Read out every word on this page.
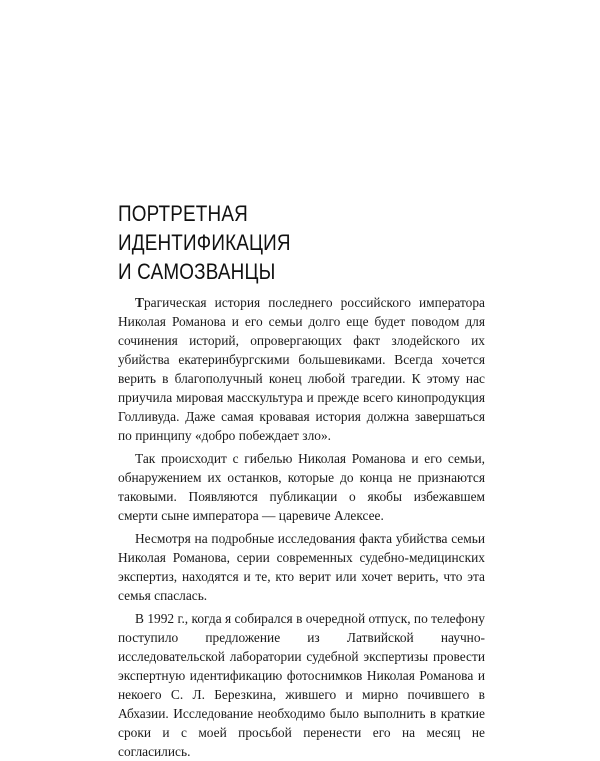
ПОРТРЕТНАЯ
ИДЕНТИФИКАЦИЯ
И САМОЗВАНЦЫ

Трагическая история последнего российского императора Николая Романова и его семьи долго еще будет поводом для сочинения историй, опровергающих факт злодейского их убийства екатеринбургскими большевиками. Всегда хочется верить в благополучный конец любой трагедии. К этому нас приучила мировая масскультура и прежде всего кинопродукция Голливуда. Даже самая кровавая история должна завершаться по принципу «добро побеждает зло».

Так происходит с гибелью Николая Романова и его семьи, обнаружением их останков, которые до конца не признаются таковыми. Появляются публикации о якобы избежавшем смерти сыне императора — царевиче Алексее.

Несмотря на подробные исследования факта убийства семьи Николая Романова, серии современных судебно-медицинских экспертиз, находятся и те, кто верит или хочет верить, что эта семья спаслась.

В 1992 г., когда я собирался в очередной отпуск, по телефону поступило предложение из Латвийской научно-исследовательской лаборатории судебной экспертизы провести экспертную идентификацию фотоснимков Николая Романова и некоего С. Л. Березкина, жившего и мирно почившего в Абхазии. Исследование необходимо было выполнить в краткие сроки и с моей просьбой перенести его на месяц не согласились.
